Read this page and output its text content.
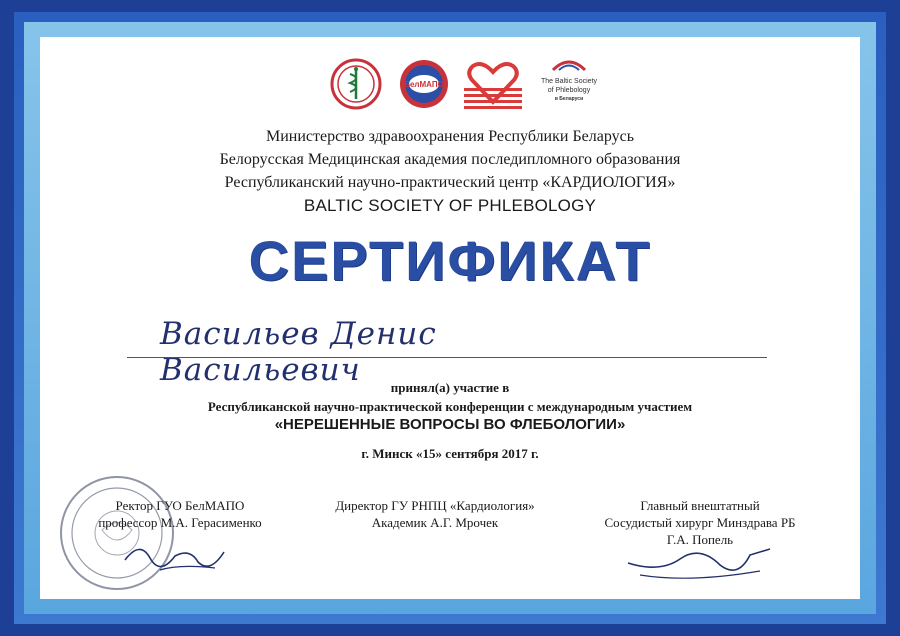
БелМАПО	The Baltic Society
of Phlebology
в Беларуси
Министерство здравоохранения Республики Беларусь
Белорусская Медицинская академия последипломного образования
Республиканский научно-практический центр «КАРДИОЛОГИЯ»
BALTIC SOCIETY OF PHLEBOLOGY
СЕРТИФИКАТ
Васильев Денис Васильевич	принял(а) участие в
Республиканской научно-практической конференции с международным участием
«НЕРЕШЕННЫЕ ВОПРОСЫ ВО ФЛЕБОЛОГИИ»
г. Минск «15» сентября 2017 г.
Ректор ГУО БелМАПО
профессор М.А. Герасименко
Директор ГУ РНПЦ «Кардиология»
Академик А.Г. Мрочек
Главный внештатный
Сосудистый хирург Минздрава РБ
Г.А. Попель
